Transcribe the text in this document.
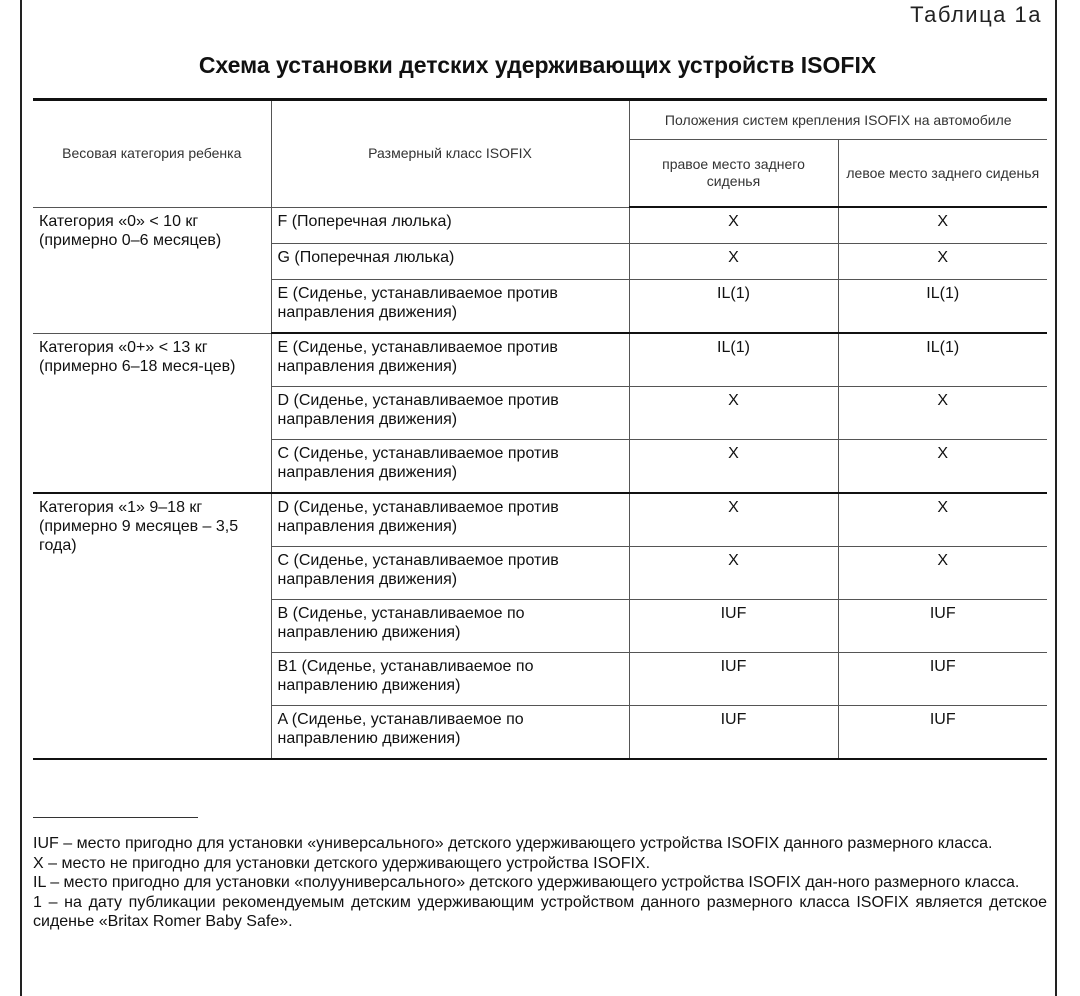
Таблица 1а
Схема установки детских удерживающих устройств ISOFIX
Весовая категория ребенка	Размерный класс ISOFIX	Положения систем крепления ISOFIX на автомобиле	
		правое место заднего сиденья	левое место заднего сиденья
Категория «0» < 10 кг (примерно 0–6 месяцев)	F (Поперечная люлька)	X	X
	G (Поперечная люлька)	X	X
	E (Сиденье, устанавливаемое против направления движения)	IL(1)	IL(1)
Категория «0+» < 13 кг (примерно 6–18 меся-цев)	E (Сиденье, устанавливаемое против направления движения)	IL(1)	IL(1)
	D (Сиденье, устанавливаемое против направления движения)	X	X
	C (Сиденье, устанавливаемое против направления движения)	X	X
Категория «1» 9–18 кг (примерно 9 месяцев – 3,5 года)	D (Сиденье, устанавливаемое против направления движения)	X	X
	C (Сиденье, устанавливаемое против направления движения)	X	X
	B (Сиденье, устанавливаемое по направлению движения)	IUF	IUF
	B1 (Сиденье, устанавливаемое по направлению движения)	IUF	IUF
	A (Сиденье, устанавливаемое по направлению движения)	IUF	IUF

IUF – место пригодно для установки «универсального» детского удерживающего устройства ISOFIX данного размерного класса.

X – место не пригодно для установки детского удерживающего устройства ISOFIX.

IL – место пригодно для установки «полууниверсального» детского удерживающего устройства ISOFIX дан-ного размерного класса.

1 – на дату публикации рекомендуемым детским удерживающим устройством данного размерного класса ISOFIX является детское сиденье «Britax Romer Baby Safe».
